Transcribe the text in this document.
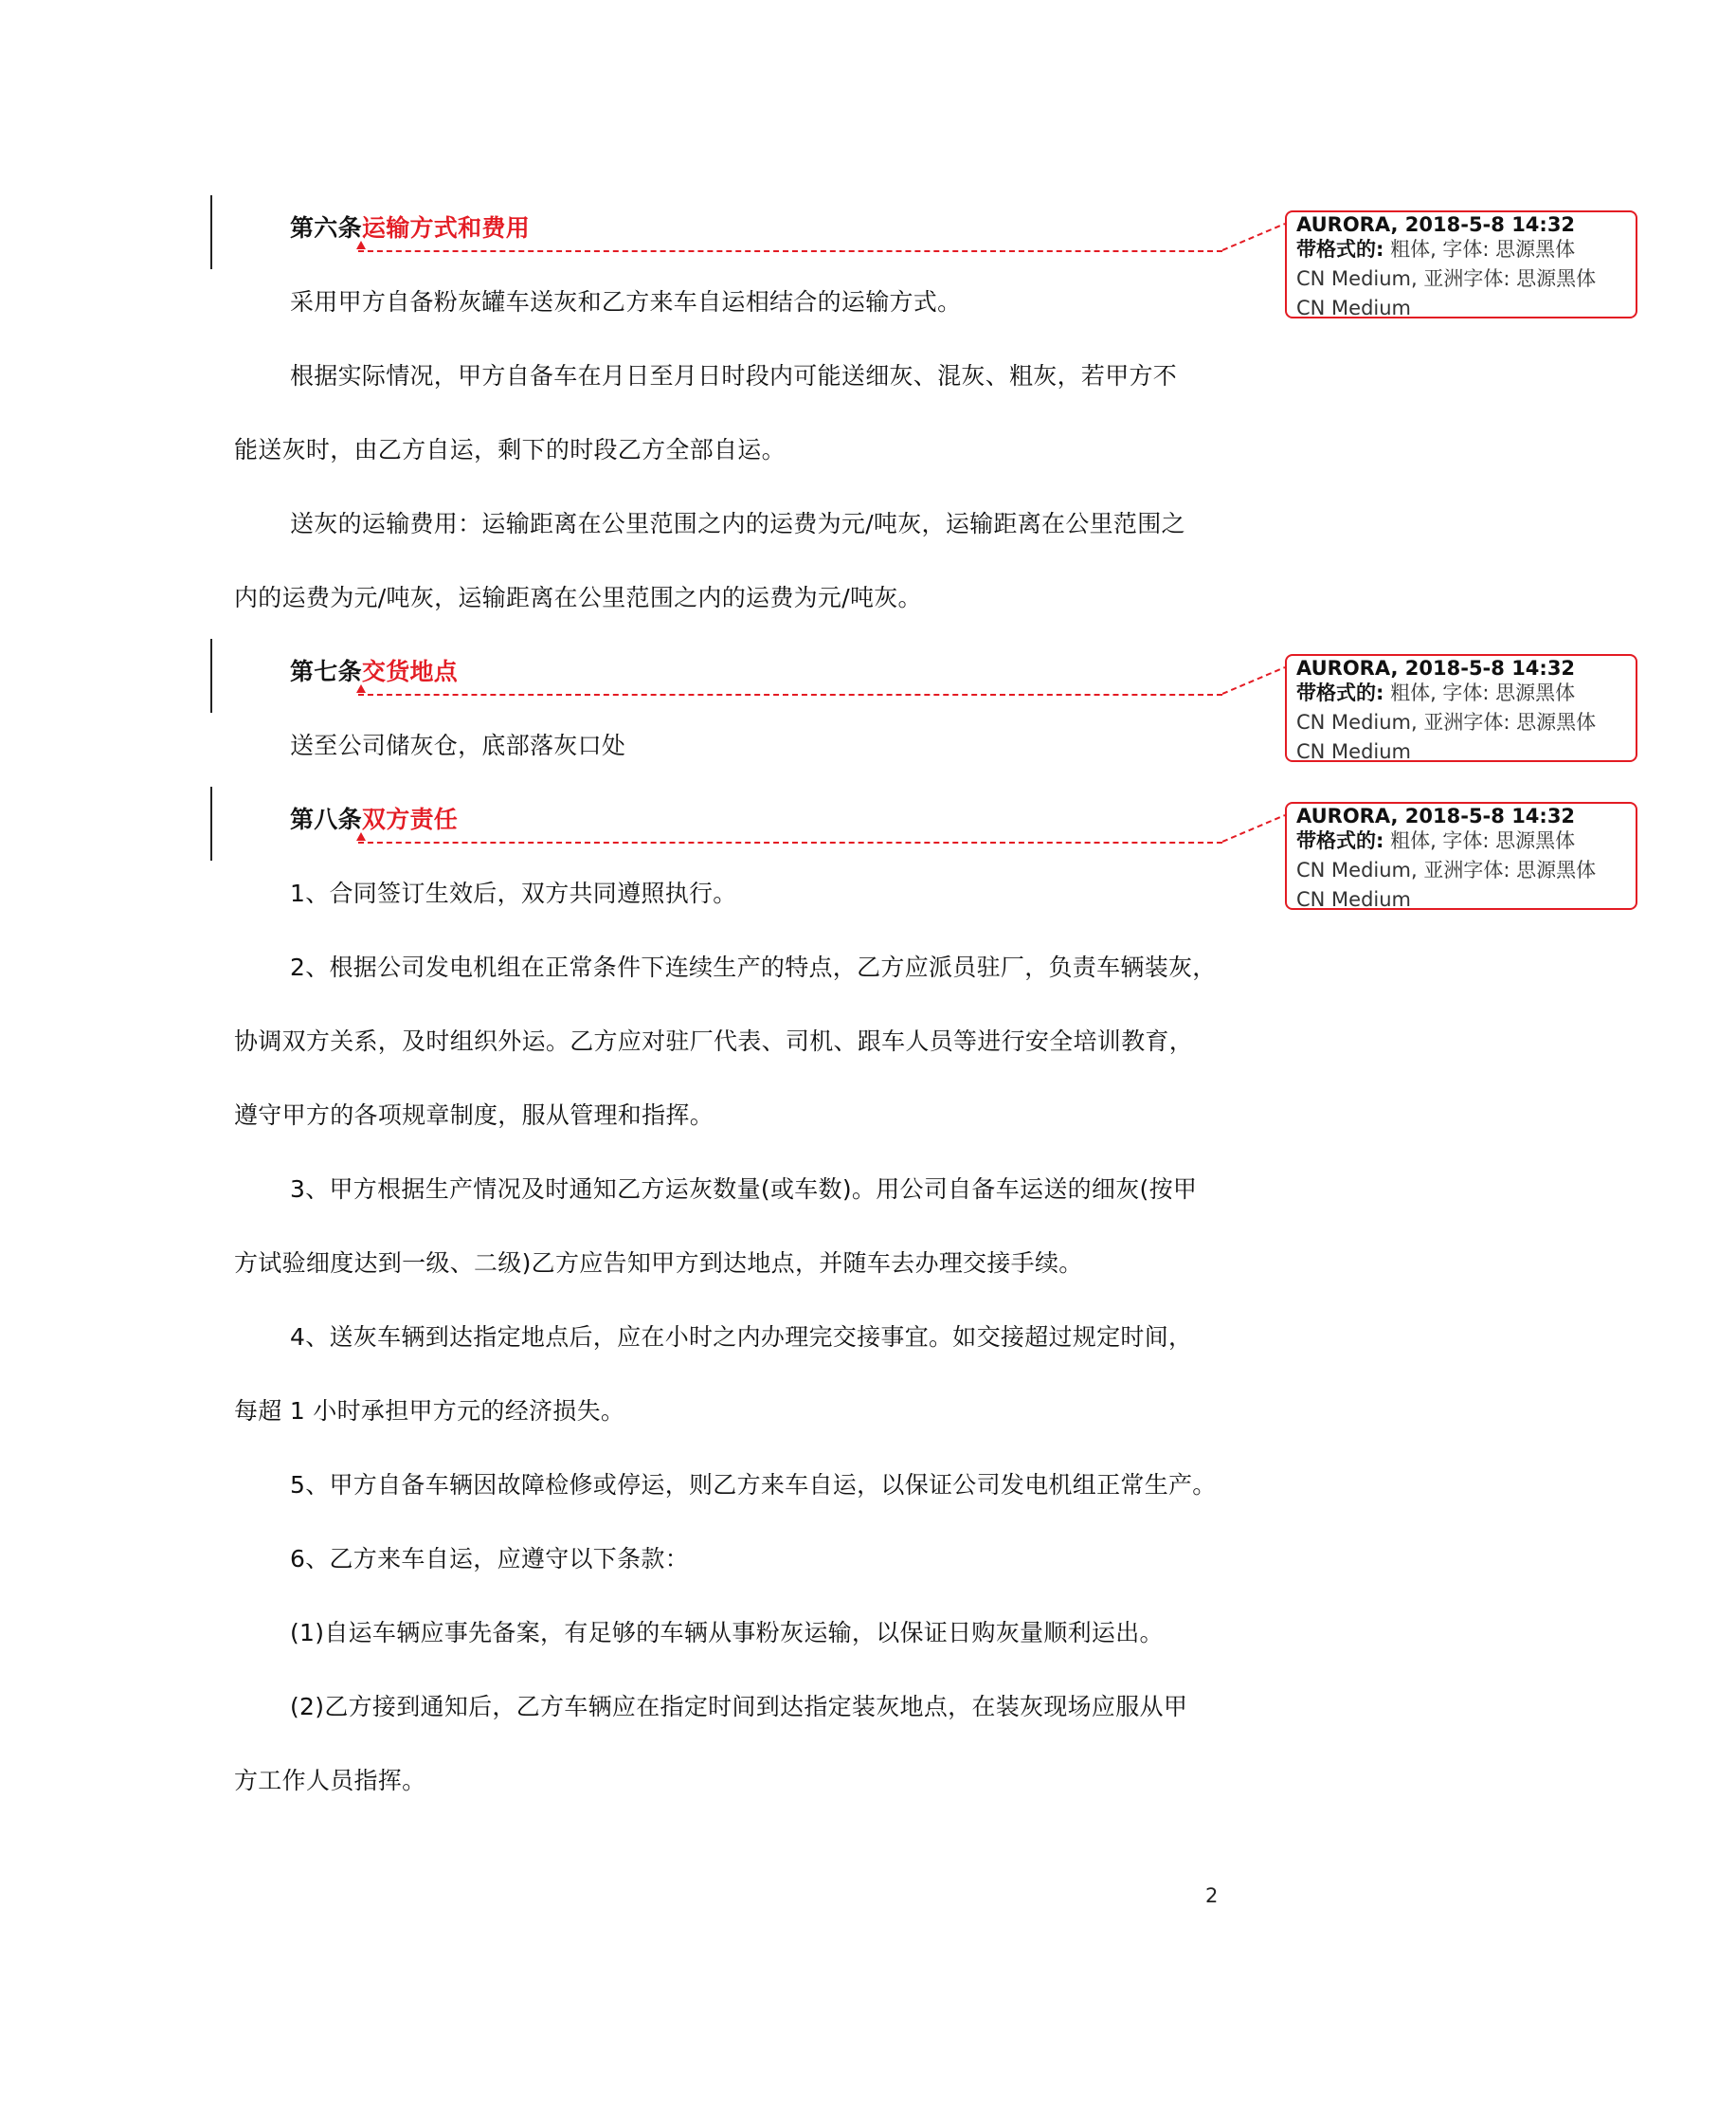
第六条运输方式和费用	AURORA, 2018-5-8 14:32
带格式的: 粗体, 字体: 思源黑体
CN Medium, 亚洲字体: 思源黑体
CN Medium
采用甲方自备粉灰罐车送灰和乙方来车自运相结合的运输方式。
根据实际情况，甲方自备车在月日至月日时段内可能送细灰、混灰、粗灰，若甲方不
能送灰时，由乙方自运，剩下的时段乙方全部自运。
送灰的运输费用：运输距离在公里范围之内的运费为元/吨灰，运输距离在公里范围之
内的运费为元/吨灰，运输距离在公里范围之内的运费为元/吨灰。
第七条交货地点	AURORA, 2018-5-8 14:32
带格式的: 粗体, 字体: 思源黑体
CN Medium, 亚洲字体: 思源黑体
CN Medium
送至公司储灰仓，底部落灰口处
第八条双方责任	AURORA, 2018-5-8 14:32
带格式的: 粗体, 字体: 思源黑体
CN Medium, 亚洲字体: 思源黑体
CN Medium
1、合同签订生效后，双方共同遵照执行。
2、根据公司发电机组在正常条件下连续生产的特点，乙方应派员驻厂，负责车辆装灰，
协调双方关系，及时组织外运。乙方应对驻厂代表、司机、跟车人员等进行安全培训教育，
遵守甲方的各项规章制度，服从管理和指挥。
3、甲方根据生产情况及时通知乙方运灰数量(或车数)。用公司自备车运送的细灰(按甲
方试验细度达到一级、二级)乙方应告知甲方到达地点，并随车去办理交接手续。
4、送灰车辆到达指定地点后，应在小时之内办理完交接事宜。如交接超过规定时间，
每超 1 小时承担甲方元的经济损失。
5、甲方自备车辆因故障检修或停运，则乙方来车自运，以保证公司发电机组正常生产。
6、乙方来车自运，应遵守以下条款：
(1)自运车辆应事先备案，有足够的车辆从事粉灰运输，以保证日购灰量顺利运出。
(2)乙方接到通知后，乙方车辆应在指定时间到达指定装灰地点，在装灰现场应服从甲
方工作人员指挥。
2
